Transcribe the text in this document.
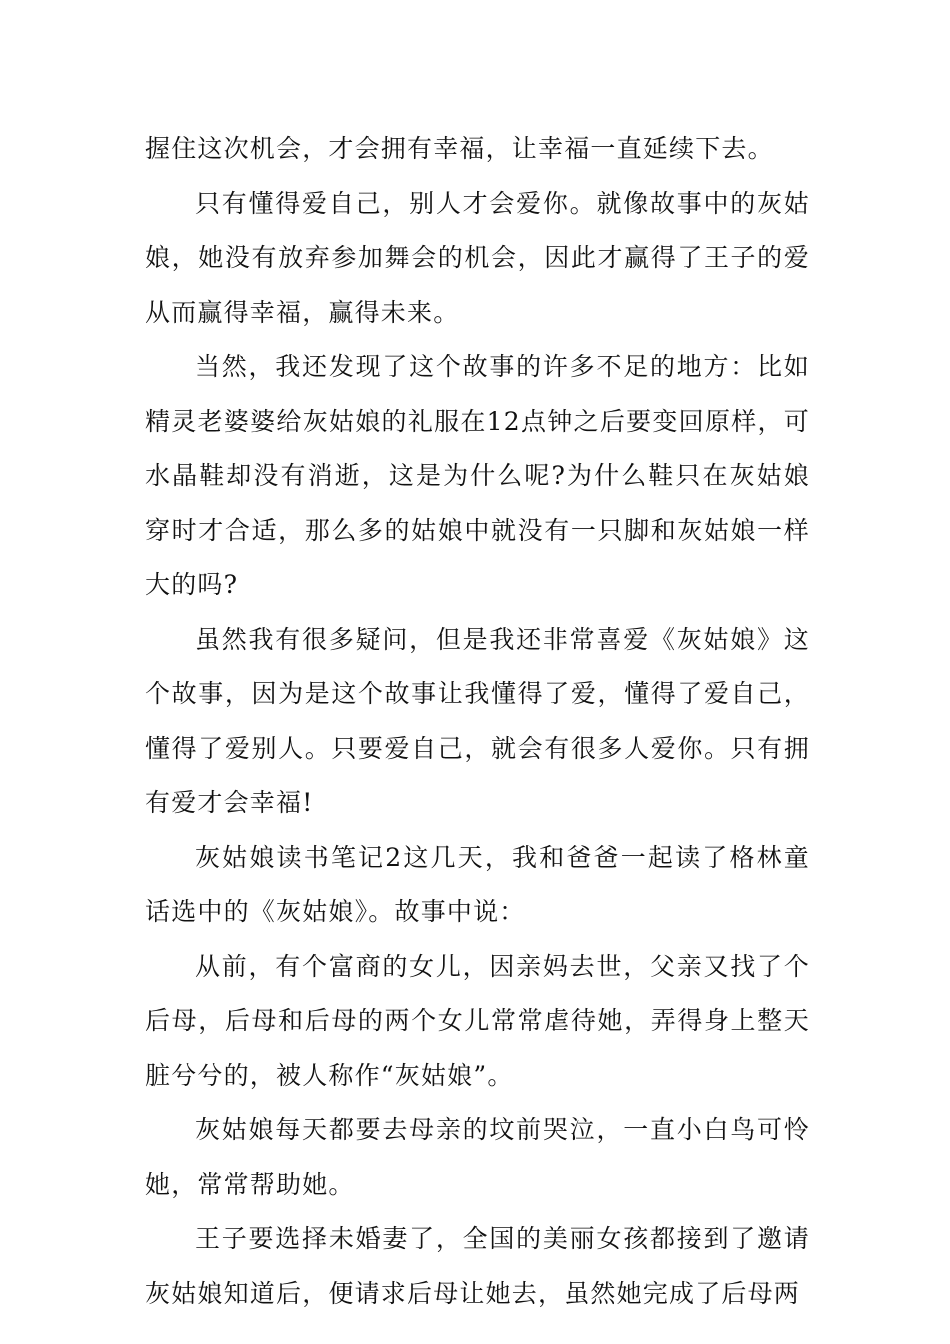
握住这次机会，才会拥有幸福，让幸福一直延续下去。

只有懂得爱自己，别人才会爱你。就像故事中的灰姑娘，她没有放弃参加舞会的机会，因此才赢得了王子的爱从而赢得幸福，赢得未来。

当然，我还发现了这个故事的许多不足的地方：比如精灵老婆婆给灰姑娘的礼服在12点钟之后要变回原样，可水晶鞋却没有消逝，这是为什么呢?为什么鞋只在灰姑娘穿时才合适，那么多的姑娘中就没有一只脚和灰姑娘一样大的吗?

虽然我有很多疑问，但是我还非常喜爱《灰姑娘》这个故事，因为是这个故事让我懂得了爱，懂得了爱自己，懂得了爱别人。只要爱自己，就会有很多人爱你。只有拥有爱才会幸福!

灰姑娘读书笔记2这几天，我和爸爸一起读了格林童话选中的《灰姑娘》。故事中说：

从前，有个富商的女儿，因亲妈去世，父亲又找了个后母，后母和后母的两个女儿常常虐待她，弄得身上整天脏兮兮的，被人称作“灰姑娘”。

灰姑娘每天都要去母亲的坟前哭泣，一直小白鸟可怜她，常常帮助她。

王子要选择未婚妻了，全国的美丽女孩都接到了邀请灰姑娘知道后，便请求后母让她去，虽然她完成了后母两
